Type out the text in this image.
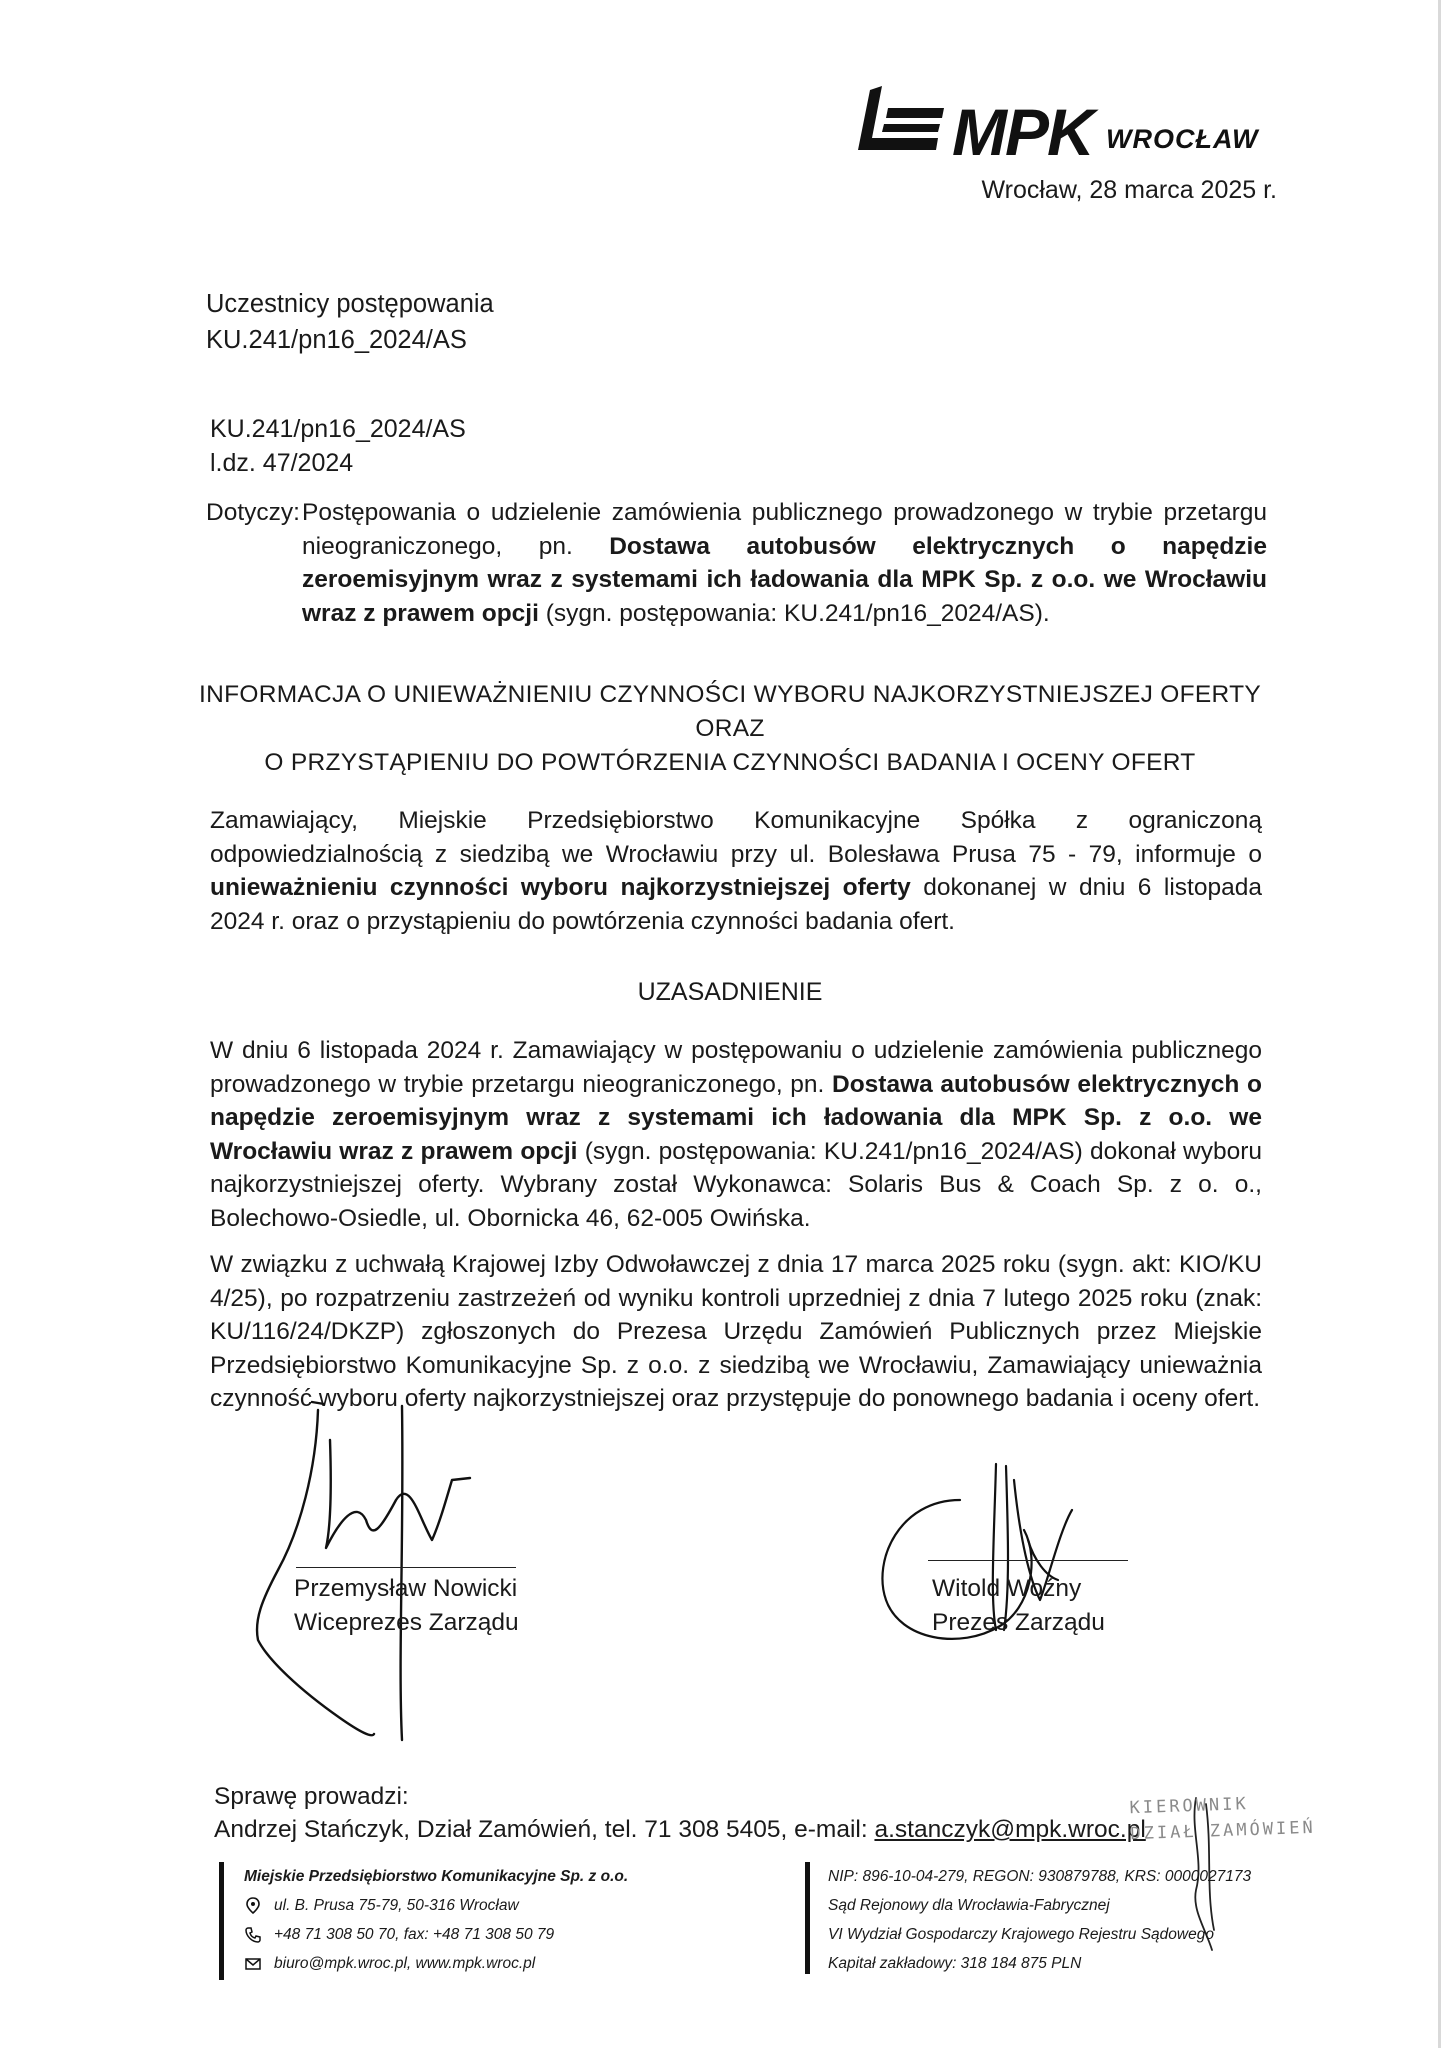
MPK WROCŁAW
Wrocław, 28 marca 2025 r.
Uczestnicy postępowania
KU.241/pn16_2024/AS
KU.241/pn16_2024/AS
l.dz. 47/2024
Dotyczy: Postępowania o udzielenie zamówienia publicznego prowadzonego w trybie przetargu nieograniczonego, pn. Dostawa autobusów elektrycznych o napędzie zeroemisyjnym wraz z systemami ich ładowania dla MPK Sp. z o.o. we Wrocławiu wraz z prawem opcji (sygn. postępowania: KU.241/pn16_2024/AS).
INFORMACJA O UNIEWAŻNIENIU CZYNNOŚCI WYBORU NAJKORZYSTNIEJSZEJ OFERTY ORAZ
O PRZYSTĄPIENIU DO POWTÓRZENIA CZYNNOŚCI BADANIA I OCENY OFERT
Zamawiający, Miejskie Przedsiębiorstwo Komunikacyjne Spółka z ograniczoną odpowiedzialnością z siedzibą we Wrocławiu przy ul. Bolesława Prusa 75 - 79, informuje o unieważnieniu czynności wyboru najkorzystniejszej oferty dokonanej w dniu 6 listopada 2024 r. oraz o przystąpieniu do powtórzenia czynności badania ofert.
UZASADNIENIE
W dniu 6 listopada 2024 r. Zamawiający w postępowaniu o udzielenie zamówienia publicznego prowadzonego w trybie przetargu nieograniczonego, pn. Dostawa autobusów elektrycznych o napędzie zeroemisyjnym wraz z systemami ich ładowania dla MPK Sp. z o.o. we Wrocławiu wraz z prawem opcji (sygn. postępowania: KU.241/pn16_2024/AS) dokonał wyboru najkorzystniejszej oferty. Wybrany został Wykonawca: Solaris Bus & Coach Sp. z o. o., Bolechowo-Osiedle, ul. Obornicka 46, 62-005 Owińska.
W związku z uchwałą Krajowej Izby Odwoławczej z dnia 17 marca 2025 roku (sygn. akt: KIO/KU 4/25), po rozpatrzeniu zastrzeżeń od wyniku kontroli uprzedniej z dnia 7 lutego 2025 roku (znak: KU/116/24/DKZP) zgłoszonych do Prezesa Urzędu Zamówień Publicznych przez Miejskie Przedsiębiorstwo Komunikacyjne Sp. z o.o. z siedzibą we Wrocławiu, Zamawiający unieważnia czynność wyboru oferty najkorzystniejszej oraz przystępuje do ponownego badania i oceny ofert.
Przemysław Nowicki
Wiceprezes Zarządu
Witold Woźny
Prezes Zarządu
Sprawę prowadzi:
Andrzej Stańczyk, Dział Zamówień, tel. 71 308 5405, e-mail: a.stanczyk@mpk.wroc.pl
KIEROWNIK
DZIAŁ ZAMÓWIEŃ
Miejskie Przedsiębiorstwo Komunikacyjne Sp. z o.o.
ul. B. Prusa 75-79, 50-316 Wrocław
+48 71 308 50 70, fax: +48 71 308 50 79
biuro@mpk.wroc.pl, www.mpk.wroc.pl
NIP: 896-10-04-279, REGON: 930879788, KRS: 0000027173
Sąd Rejonowy dla Wrocławia-Fabrycznej
VI Wydział Gospodarczy Krajowego Rejestru Sądowego
Kapitał zakładowy: 318 184 875 PLN
